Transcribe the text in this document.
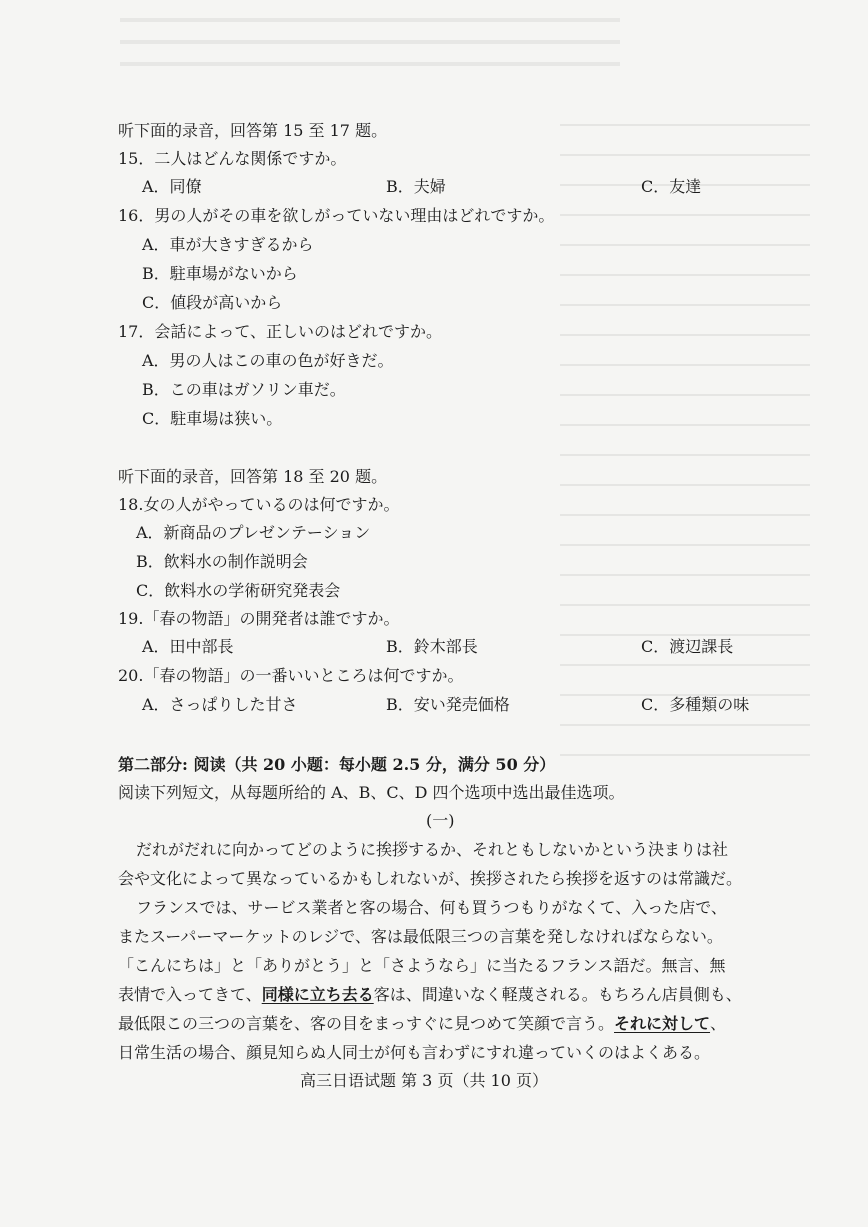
听下面的录音，回答第 15 至 17 题。
15．二人はどんな関係ですか。
A．同僚	B．夫婦	C．友達
16．男の人がその車を欲しがっていない理由はどれですか。
A．車が大きすぎるから
B．駐車場がないから
C．値段が高いから
17．会話によって、正しいのはどれですか。
A．男の人はこの車の色が好きだ。
B．この車はガソリン車だ。
C．駐車場は狭い。
听下面的录音，回答第 18 至 20 题。
18.女の人がやっているのは何ですか。
A．新商品のプレゼンテーション
B．飲料水の制作説明会
C．飲料水の学術研究発表会
19.「春の物語」の開発者は誰ですか。
A．田中部長	B．鈴木部長	C．渡辺課長
20.「春の物語」の一番いいところは何ですか。
A．さっぱりした甘さ	B．安い発売価格	C．多種類の味
第二部分: 阅读（共 20 小题：每小题 2.5 分，满分 50 分）
阅读下列短文，从每题所给的 A、B、C、D 四个选项中选出最佳选项。
(一)
だれがだれに向かってどのように挨拶するか、それともしないかという決まりは社
会や文化によって異なっているかもしれないが、挨拶されたら挨拶を返すのは常識だ。
フランスでは、サービス業者と客の場合、何も買うつもりがなくて、入った店で、
またスーパーマーケットのレジで、客は最低限三つの言葉を発しなければならない。
「こんにちは」と「ありがとう」と「さようなら」に当たるフランス語だ。無言、無
表情で入ってきて、同様に立ち去る客は、間違いなく軽蔑される。もちろん店員側も、
最低限この三つの言葉を、客の目をまっすぐに見つめて笑顔で言う。それに対して、
日常生活の場合、顔見知らぬ人同士が何も言わずにすれ違っていくのはよくある。
高三日语试题 第 3 页（共 10 页）
